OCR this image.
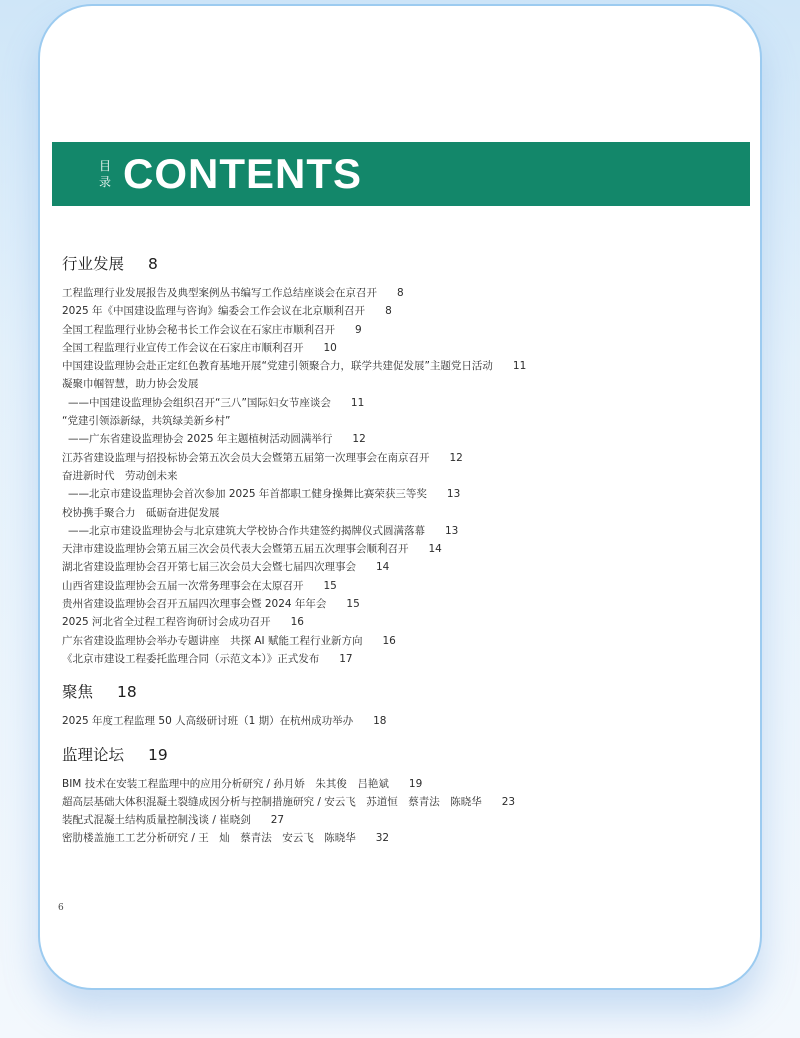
目
录 CONTENTS
行业发展 8
工程监理行业发展报告及典型案例丛书编写工作总结座谈会在京召开 8
2025 年《中国建设监理与咨询》编委会工作会议在北京顺利召开 8
全国工程监理行业协会秘书长工作会议在石家庄市顺利召开 9
全国工程监理行业宣传工作会议在石家庄市顺利召开 10
中国建设监理协会赴正定红色教育基地开展“党建引领聚合力，联学共建促发展”主题党日活动 11
凝聚巾帼智慧，助力协会发展
——中国建设监理协会组织召开“三八”国际妇女节座谈会 11
“党建引领添新绿，共筑绿美新乡村”
——广东省建设监理协会 2025 年主题植树活动圆满举行 12
江苏省建设监理与招投标协会第五次会员大会暨第五届第一次理事会在南京召开 12
奋进新时代　劳动创未来
——北京市建设监理协会首次参加 2025 年首都职工健身操舞比赛荣获三等奖 13
校协携手聚合力　砥砺奋进促发展
——北京市建设监理协会与北京建筑大学校协合作共建签约揭牌仪式圆满落幕 13
天津市建设监理协会第五届三次会员代表大会暨第五届五次理事会顺利召开 14
湖北省建设监理协会召开第七届三次会员大会暨七届四次理事会 14
山西省建设监理协会五届一次常务理事会在太原召开 15
贵州省建设监理协会召开五届四次理事会暨 2024 年年会 15
2025 河北省全过程工程咨询研讨会成功召开 16
广东省建设监理协会举办专题讲座　共探 AI 赋能工程行业新方向 16
《北京市建设工程委托监理合同（示范文本）》正式发布 17
聚焦 18
2025 年度工程监理 50 人高级研讨班（1 期）在杭州成功举办 18
监理论坛 19
BIM 技术在安装工程监理中的应用分析研究 / 孙月娇　朱其俊　吕艳斌 19
超高层基础大体积混凝土裂缝成因分析与控制措施研究 / 安云飞　苏道恒　蔡青法　陈晓华 23
装配式混凝土结构质量控制浅谈 / 崔晓剑 27
密肋楼盖施工工艺分析研究 / 王　灿　蔡青法　安云飞　陈晓华 32
6
